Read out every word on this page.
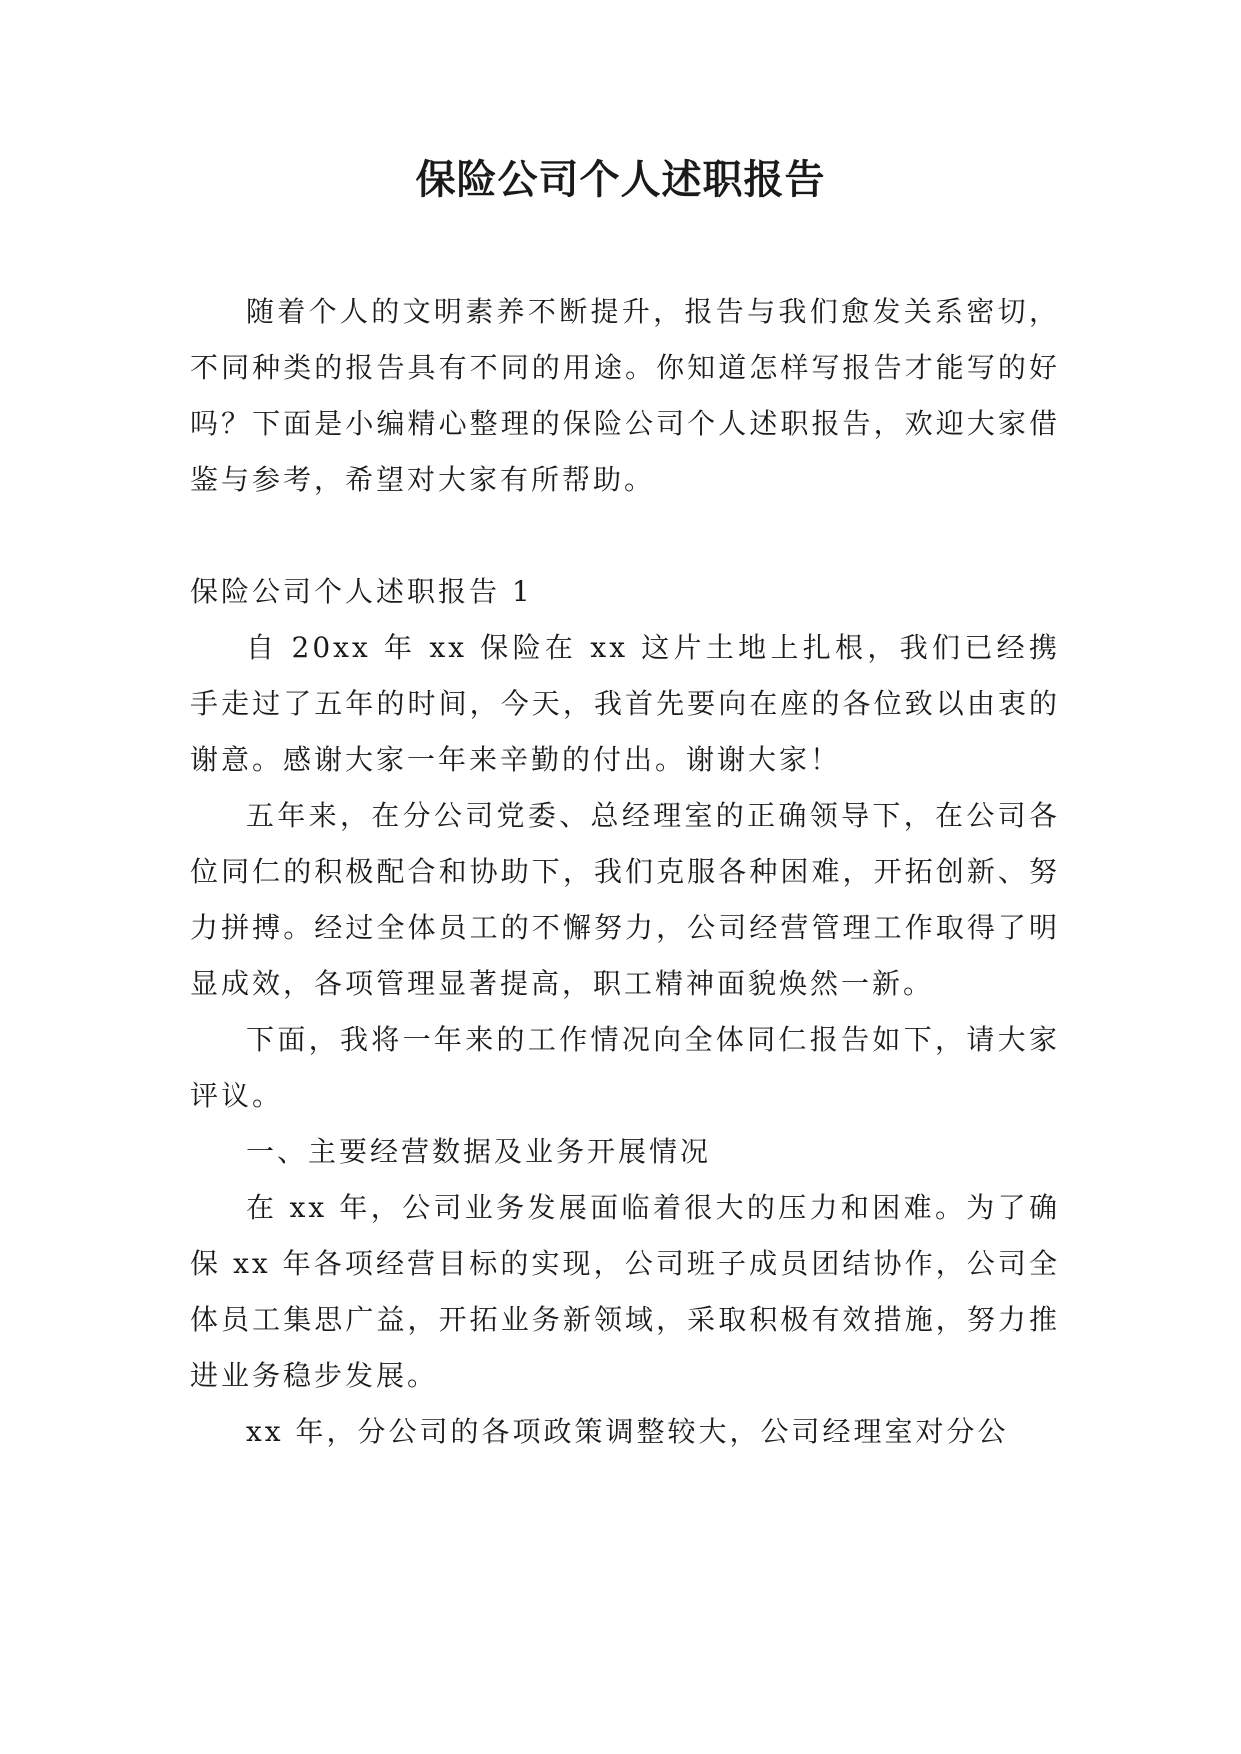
保险公司个人述职报告

随着个人的文明素养不断提升，报告与我们愈发关系密切，不同种类的报告具有不同的用途。你知道怎样写报告才能写的好吗？下面是小编精心整理的保险公司个人述职报告，欢迎大家借鉴与参考，希望对大家有所帮助。

保险公司个人述职报告 1

自 20xx 年 xx 保险在 xx 这片土地上扎根，我们已经携手走过了五年的时间，今天，我首先要向在座的各位致以由衷的谢意。感谢大家一年来辛勤的付出。谢谢大家！

五年来，在分公司党委、总经理室的正确领导下，在公司各位同仁的积极配合和协助下，我们克服各种困难，开拓创新、努力拼搏。经过全体员工的不懈努力，公司经营管理工作取得了明显成效，各项管理显著提高，职工精神面貌焕然一新。

下面，我将一年来的工作情况向全体同仁报告如下，请大家评议。

一、主要经营数据及业务开展情况

在 xx 年，公司业务发展面临着很大的压力和困难。为了确保 xx 年各项经营目标的实现，公司班子成员团结协作，公司全体员工集思广益，开拓业务新领域，采取积极有效措施，努力推进业务稳步发展。

xx 年，分公司的各项政策调整较大，公司经理室对分公
